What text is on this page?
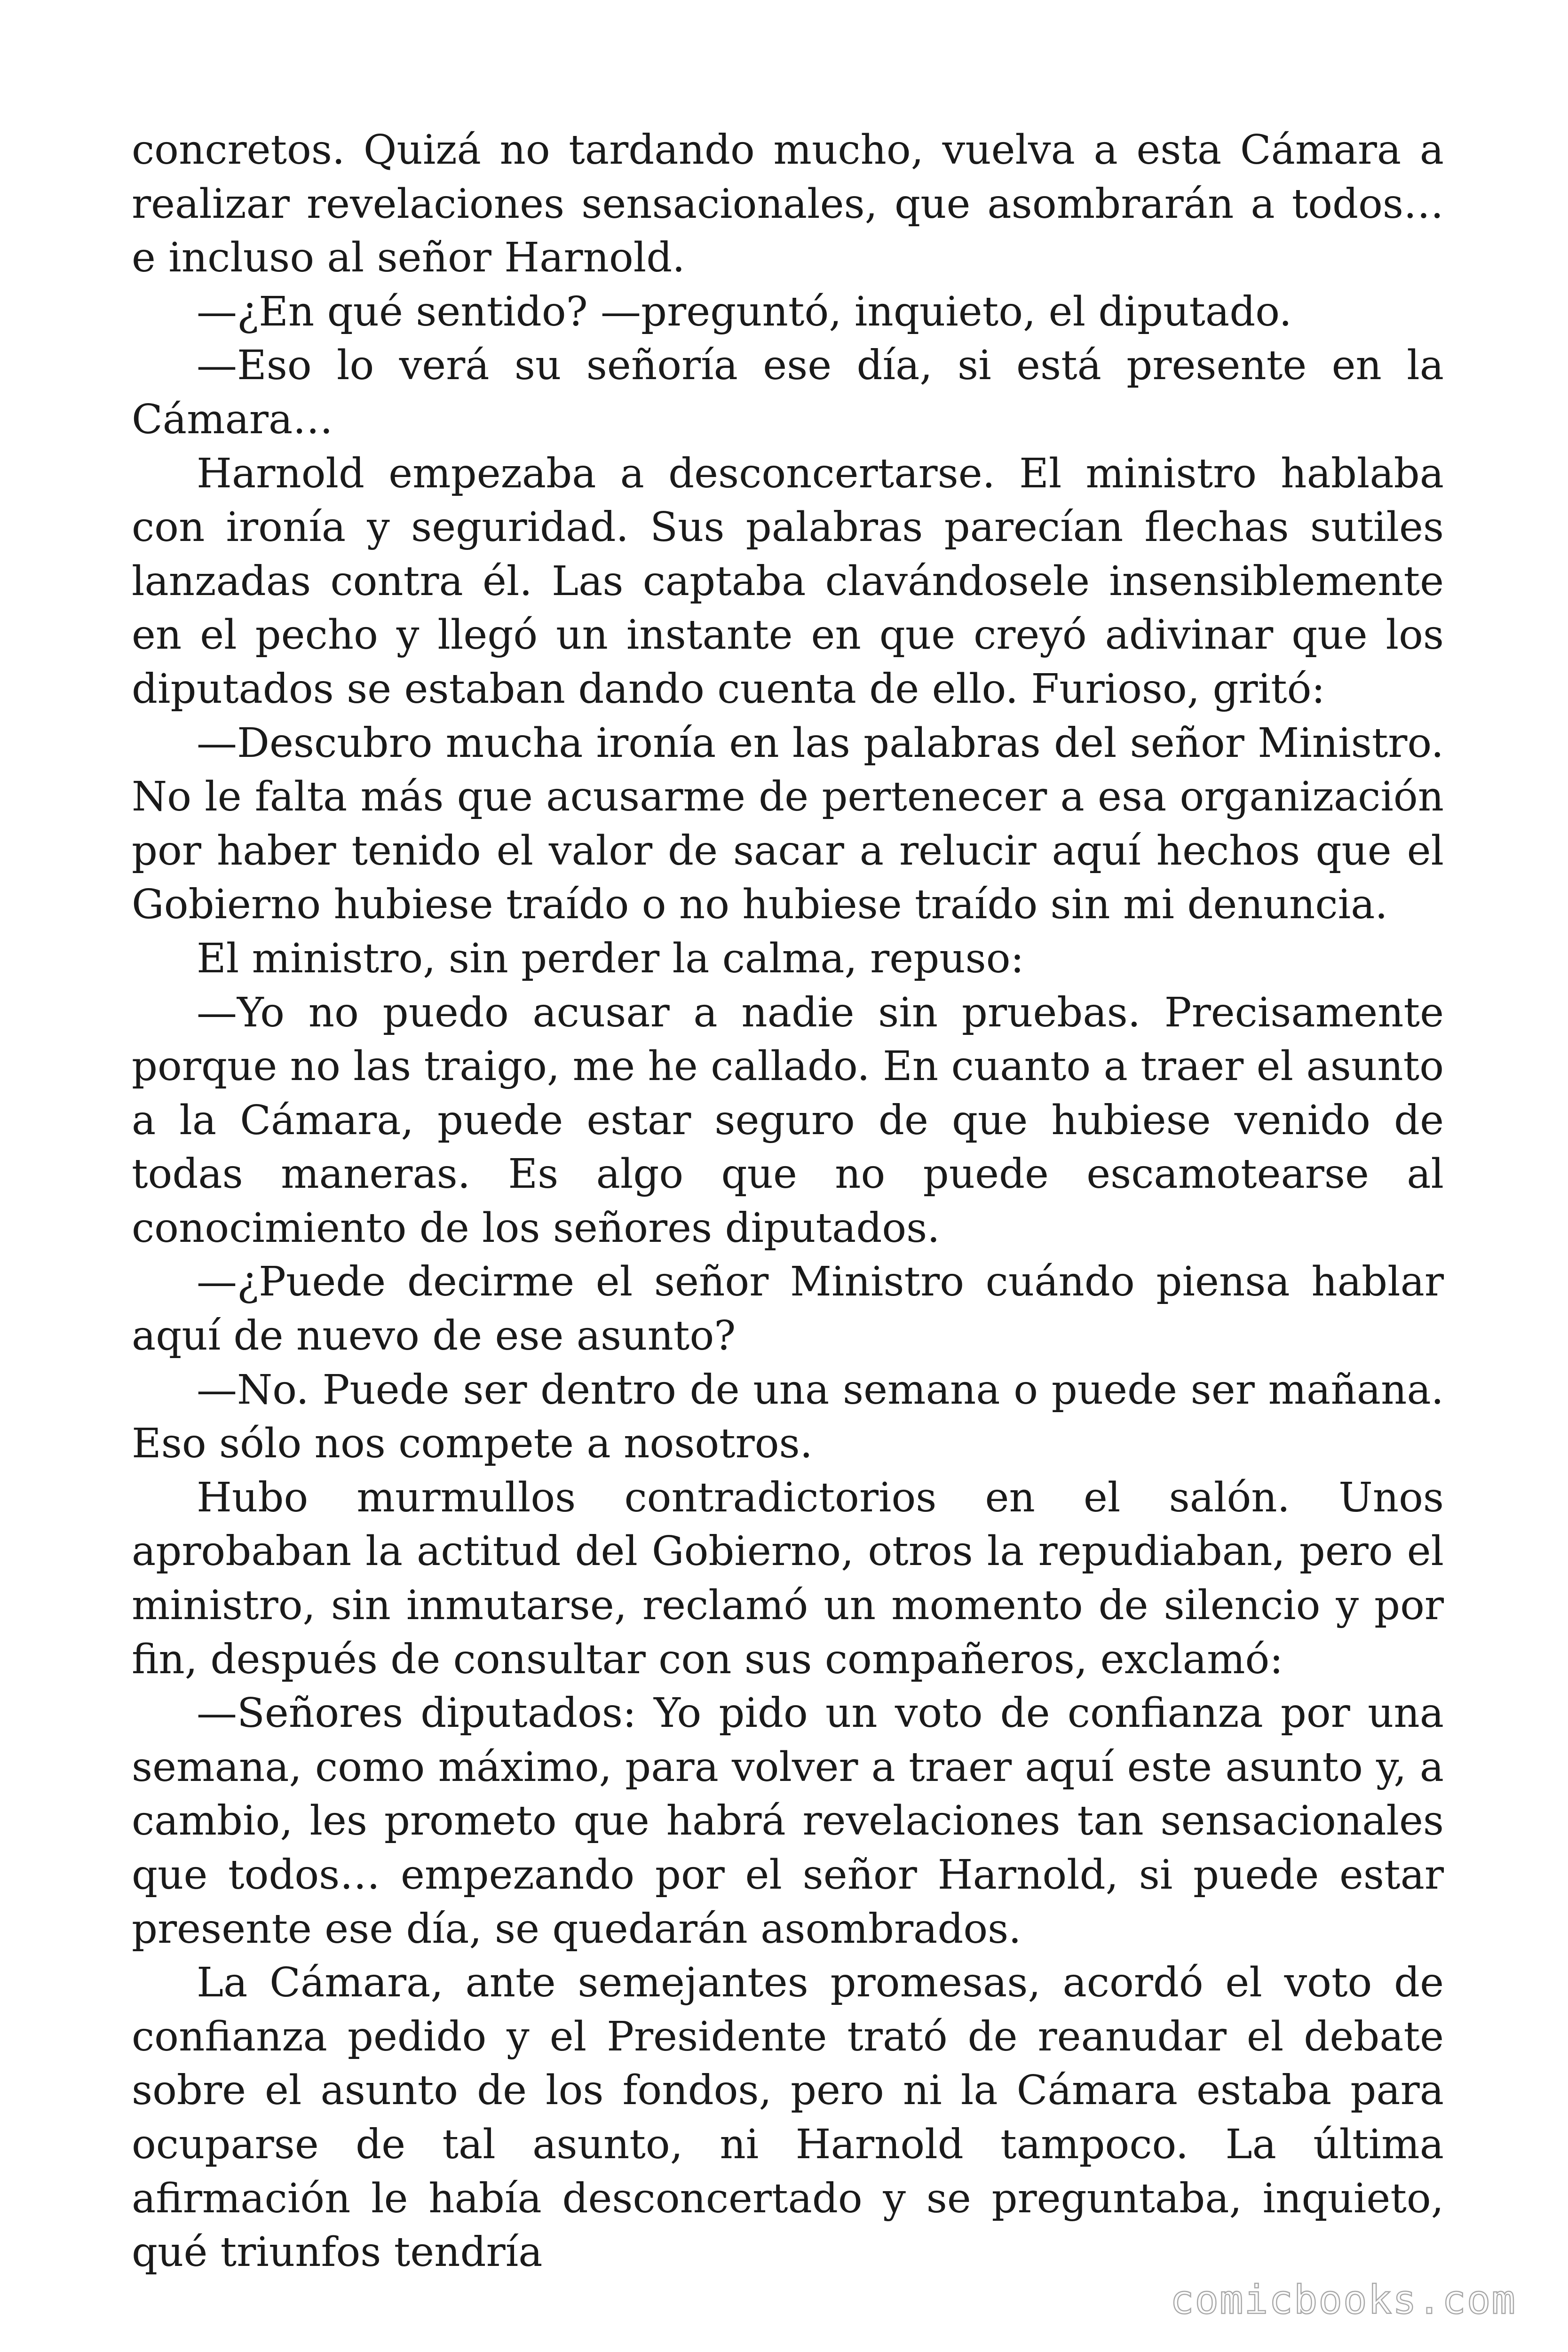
concretos. Quizá no tardando mucho, vuelva a esta Cámara a realizar revelaciones sensacionales, que asombrarán a todos… e incluso al señor Harnold.

—¿En qué sentido? —preguntó, inquieto, el diputado.

—Eso lo verá su señoría ese día, si está presente en la Cámara…

Harnold empezaba a desconcertarse. El ministro hablaba con ironía y seguridad. Sus palabras parecían flechas sutiles lanzadas contra él. Las captaba clavándosele insensiblemente en el pecho y llegó un instante en que creyó adivinar que los diputados se estaban dando cuenta de ello. Furioso, gritó:

—Descubro mucha ironía en las palabras del señor Ministro. No le falta más que acusarme de pertenecer a esa organización por haber tenido el valor de sacar a relucir aquí hechos que el Gobierno hubiese traído o no hubiese traído sin mi denuncia.

El ministro, sin perder la calma, repuso:

—Yo no puedo acusar a nadie sin pruebas. Precisamente porque no las traigo, me he callado. En cuanto a traer el asunto a la Cámara, puede estar seguro de que hubiese venido de todas maneras. Es algo que no puede escamotearse al conocimiento de los señores diputados.

—¿Puede decirme el señor Ministro cuándo piensa hablar aquí de nuevo de ese asunto?

—No. Puede ser dentro de una semana o puede ser mañana. Eso sólo nos compete a nosotros.

Hubo murmullos contradictorios en el salón. Unos aprobaban la actitud del Gobierno, otros la repudiaban, pero el ministro, sin inmutarse, reclamó un momento de silencio y por fin, después de consultar con sus compañeros, exclamó:

—Señores diputados: Yo pido un voto de confianza por una semana, como máximo, para volver a traer aquí este asunto y, a cambio, les prometo que habrá revelaciones tan sensacionales que todos… empezando por el señor Harnold, si puede estar presente ese día, se quedarán asombrados.

La Cámara, ante semejantes promesas, acordó el voto de confianza pedido y el Presidente trató de reanudar el debate sobre el asunto de los fondos, pero ni la Cámara estaba para ocuparse de tal asunto, ni Harnold tampoco. La última afirmación le había desconcertado y se preguntaba, inquieto, qué triunfos tendría

comicbooks.com
